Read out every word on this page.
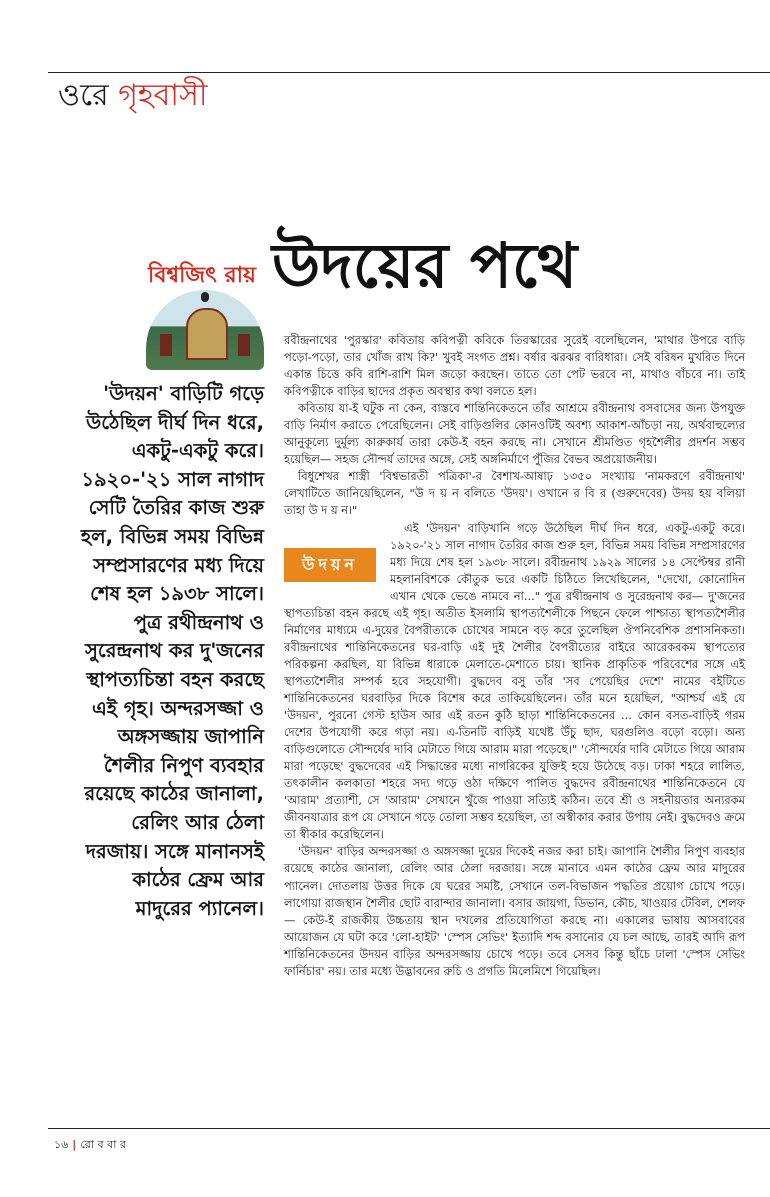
ওরে গৃহবাসী
বিশ্বজিৎ রায় উদয়ের পথে

'উদয়ন' বাড়িটি গড়ে

উঠেছিল দীর্ঘ দিন ধরে,

একটু-একটু করে।

১৯২০-'২১ সাল নাগাদ

সেটি তৈরির কাজ শুরু

হল, বিভিন্ন সময় বিভিন্ন

সম্প্রসারণের মধ্য দিয়ে

শেষ হল ১৯৩৮ সালে।

পুত্র রথীন্দ্রনাথ ও

সুরেন্দ্রনাথ কর দু'জনের

স্থাপত্যচিন্তা বহন করছে

এই গৃহ। অন্দরসজ্জা ও

অঙ্গসজ্জায় জাপানি

শৈলীর নিপুণ ব্যবহার

রয়েছে কাঠের জানালা,

রেলিং আর ঠেলা

দরজায়। সঙ্গে মানানসই

কাঠের ফ্রেম আর

মাদুরের প্যানেল।

রবীন্দ্রনাথের 'পুরস্কার' কবিতায় কবিপত্নী কবিকে তিরস্কারের সুরেই বলেছিলেন, 'মাথার উপরে বাড়ি পড়ো-পড়ো, তার খোঁজ রাখ কি?' খুবই সংগত প্রশ্ন। বর্ষার ঝরঝর বারিধারা। সেই বরিষন মুখরিত দিনে একান্ত চিত্তে কবি রাশি-রাশি মিল জড়ো করছেন। তাতে তো পেট ভরবে না, মাথাও বাঁচবে না। তাই কবিপত্নীকে বাড়ির ছাদের প্রকৃত অবস্থার কথা বলতে হল।

কবিতায় যা-ই ঘটুক না কেন, বাস্তবে শান্তিনিকেতনে তাঁর আশ্রমে রবীন্দ্রনাথ বসবাসের জন্য উপযুক্ত বাড়ি নির্মাণ করাতে পেরেছিলেন। সেই বাড়িগুলির কোনওটিই অবশ্য আকাশ-আঁচড়া নয়, অর্থবাহুল্যের আনুকূল্যে দুর্মূল্য কারুকার্য তারা কেউ-ই বহন করছে না। সেখানে শ্রীমণ্ডিত গৃহশৈলীর প্রদর্শন সম্ভব হয়েছিল— সহজ সৌন্দর্য তাদের অঙ্গে, সেই অঙ্গনির্মাণে পুঁজির বৈভব অপ্রয়োজনীয়।

বিধুশেখর শাস্ত্রী 'বিশ্বভারতী পত্রিকা'-র বৈশাখ-আষাঢ় ১৩৫০ সংখ্যায় 'নামকরণে রবীন্দ্রনাথ' লেখাটিতে জানিয়েছিলেন, "উ দ য় ন বলিতে 'উদয়'। ওখানে র বি র (গুরুদেবের) উদয় হয় বলিয়া তাহা উ দ য় ন।"

উদয়ন

এই 'উদয়ন' বাড়িখানি গড়ে উঠেছিল দীর্ঘ দিন ধরে, একটু-একটু করে। ১৯২০-'২১ সাল নাগাদ তৈরির কাজ শুরু হল, বিভিন্ন সময় বিভিন্ন সম্প্রসারণের মধ্য দিয়ে শেষ হল ১৯৩৮ সালে। রবীন্দ্রনাথ ১৯২৯ সালের ১৪ সেপ্টেম্বর রানী মহলানবিশকে কৌতুক ভরে একটি চিঠিতে লিখেছিলেন, "দেখো, কোনোদিন এখান থেকে ভেঙে নামবে না..." পুত্র রথীন্দ্রনাথ ও সুরেন্দ্রনাথ কর— দু'জনের স্থাপত্যচিন্তা বহন করছে এই গৃহ। অতীত ইসলামি স্থাপত্যশৈলীকে পিছনে ফেলে পাশ্চাত্য স্থাপত্যশৈলীর নির্মাণের মাধ্যমে এ-দুয়ের বৈপরীত্যকে চোখের সামনে বড় করে তুলেছিল ঔপনিবেশিক প্রশাসনিকতা। রবীন্দ্রনাথের শান্তিনিকেতনের ঘর-বাড়ি এই দুই শৈলীর বৈপরীত্যের বাইরে আরেকরকম স্থাপত্যের পরিকল্পনা করছিল, যা বিভিন্ন ধারাকে মেলাতে-মেশাতে চায়। স্থানিক প্রাকৃতিক পরিবেশের সঙ্গে এই স্থাপত্যশৈলীর সম্পর্ক হবে সহযোগী। বুদ্ধদেব বসু তাঁর 'সব পেয়েছির দেশে' নামের বইটিতে শান্তিনিকেতনের ঘরবাড়ির দিকে বিশেষ করে তাকিয়েছিলেন। তাঁর মনে হয়েছিল, "আশ্চর্য এই যে 'উদয়ন', পুরনো গেস্ট হাউস আর এই রতন কুঠি ছাড়া শান্তিনিকেতনের ... কোন বসত-বাড়িই গরম দেশের উপযোগী করে গড়া নয়। এ-তিনটি বাড়িই যথেষ্ট উঁচু ছাদ, ঘরগুলিও বড়ো বড়ো। অন্য বাড়িগুলোতে সৌন্দর্যের দাবি মেটাতে গিয়ে আরাম মারা পড়েছে।" 'সৌন্দর্যের দাবি মেটাতে গিয়ে আরাম মারা পড়েছে' বুদ্ধদেবের এই সিদ্ধান্তের মধ্যে নাগরিকের যুক্তিই হয়ে উঠেছে বড়। ঢাকা শহরে লালিত, তৎকালীন কলকাতা শহরে সদ্য গড়ে ওঠা দক্ষিণে পালিত বুদ্ধদেব রবীন্দ্রনাথের শান্তিনিকেতনে যে 'আরাম' প্রত্যাশী, সে 'আরাম' সেখানে খুঁজে পাওয়া সত্যিই কঠিন। তবে শ্রী ও সহনীয়তার অন্যরকম জীবনযাত্রার রূপ যে সেখানে গড়ে তোলা সম্ভব হয়েছিল, তা অস্বীকার করার উপায় নেই। বুদ্ধদেবও ক্রমে তা স্বীকার করেছিলেন।

'উদয়ন' বাড়ির অন্দরসজ্জা ও অঙ্গসজ্জা দুয়ের দিকেই নজর করা চাই। জাপানি শৈলীর নিপুণ ব্যবহার রয়েছে কাঠের জানালা, রেলিং আর ঠেলা দরজায়। সঙ্গে মানাবে এমন কাঠের ফ্রেম আর মাদুরের প্যানেল। দোতলায় উত্তর দিকে যে ঘরের সমষ্টি, সেখানে তল-বিভাজন পদ্ধতির প্রয়োগ চোখে পড়ে। লাগোয়া রাজস্থান শৈলীর ছোট বারান্দার জানালা। বসার জায়গা, ডিভান, কৌচ, খাওয়ার টেবিল, শেলফ— কেউ-ই রাজকীয় উচ্চতায় স্থান দখলের প্রতিযোগিতা করছে না। একালের ভাষায় আসবাবের আয়োজন যে ঘটা করে 'লো-হাইট' 'স্পেস সেভিং' ইত্যাদি শব্দ বসানোর যে চল আছে, তারই আদি রূপ শান্তিনিকেতনের উদয়ন বাড়ির অন্দরসজ্জায় চোখে পড়ে। তবে সেসব কিন্তু ছাঁচে ঢালা 'স্পেস সেভিং ফার্নিচার' নয়। তার মধ্যে উদ্ভাবনের রুচি ও প্রগতি মিলেমিশে গিয়েছিল।

১৬ | রো ব বা র
